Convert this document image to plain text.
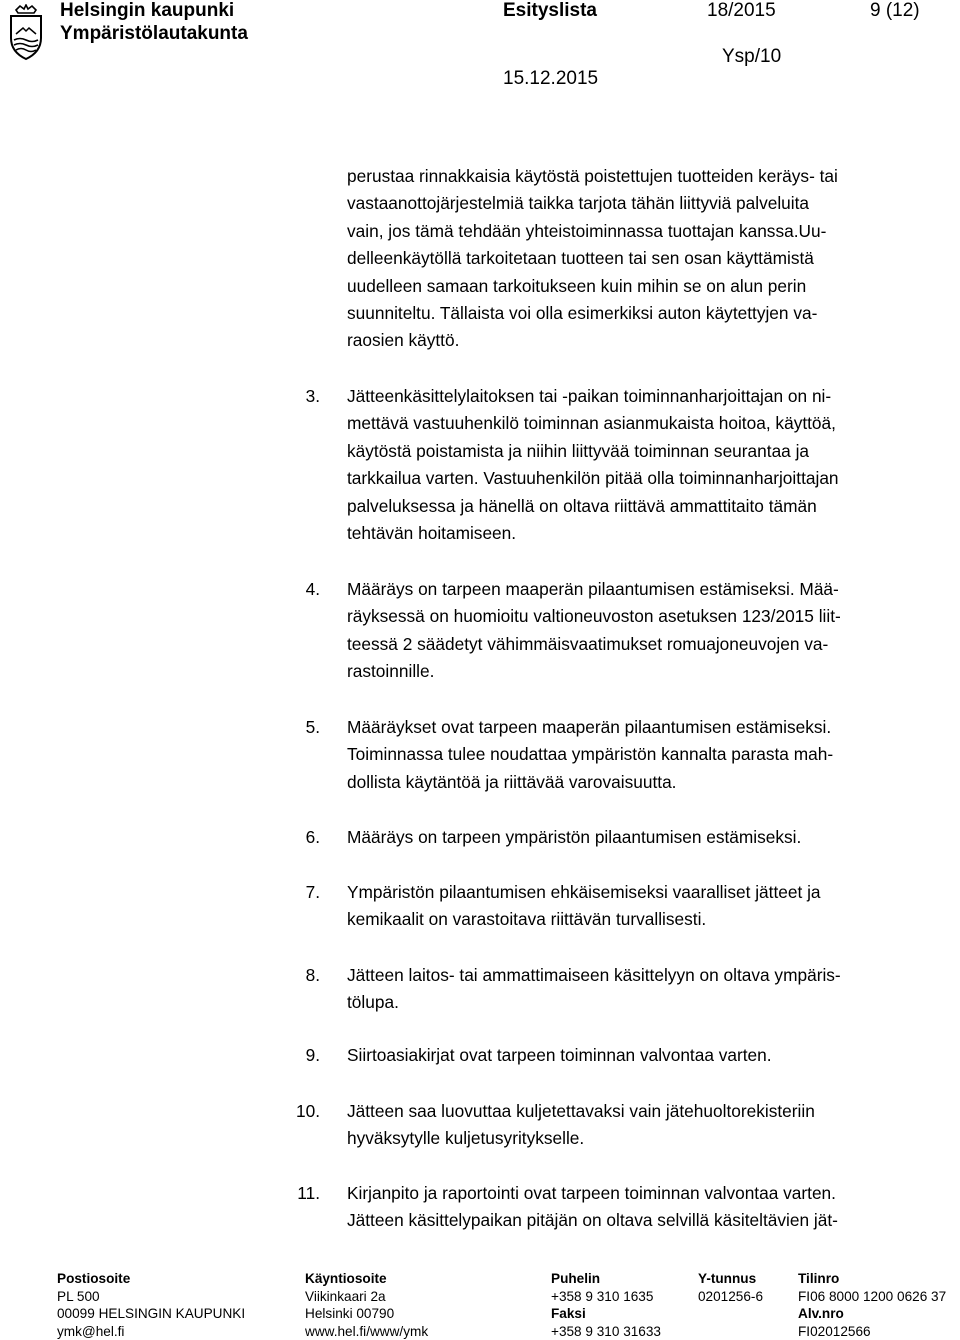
Helsingin kaupunki
Ympäristölautakunta
Esityslista	18/2015	9 (12)
Ysp/10
15.12.2015

perustaa rinnakkaisia käytöstä poistettujen tuotteiden keräys- tai

vastaanottojärjestelmiä taikka tarjota tähän liittyviä palveluita

vain, jos tämä tehdään yhteistoiminnassa tuottajan kanssa.Uu-

delleenkäytöllä tarkoitetaan tuotteen tai sen osan käyttämistä

uudelleen samaan tarkoitukseen kuin mihin se on alun perin

suunniteltu. Tällaista voi olla esimerkiksi auton käytettyjen va-

raosien käyttö.

3. Jätteenkäsittelylaitoksen tai -paikan toiminnanharjoittajan on ni-
mettävä vastuuhenkilö toiminnan asianmukaista hoitoa, käyttöä,
käytöstä poistamista ja niihin liittyvää toiminnan seurantaa ja
tarkkailua varten. Vastuuhenkilön pitää olla toiminnanharjoittajan
palveluksessa ja hänellä on oltava riittävä ammattitaito tämän
tehtävän hoitamiseen.
4. Määräys on tarpeen maaperän pilaantumisen estämiseksi. Mää-
räyksessä on huomioitu valtioneuvoston asetuksen 123/2015 liit-
teessä 2 säädetyt vähimmäisvaatimukset romuajoneuvojen va-
rastoinnille.
5. Määräykset ovat tarpeen maaperän pilaantumisen estämiseksi.
Toiminnassa tulee noudattaa ympäristön kannalta parasta mah-
dollista käytäntöä ja riittävää varovaisuutta.
6. Määräys on tarpeen ympäristön pilaantumisen estämiseksi.
7. Ympäristön pilaantumisen ehkäisemiseksi vaaralliset jätteet ja
kemikaalit on varastoitava riittävän turvallisesti.
8. Jätteen laitos- tai ammattimaiseen käsittelyyn on oltava ympäris-
tölupa.
9. Siirtoasiakirjat ovat tarpeen toiminnan valvontaa varten.
10. Jätteen saa luovuttaa kuljetettavaksi vain jätehuoltorekisteriin
hyväksytylle kuljetusyritykselle.
11. Kirjanpito ja raportointi ovat tarpeen toiminnan valvontaa varten.
Jätteen käsittelypaikan pitäjän on oltava selvillä käsiteltävien jät-
Postiosoite
PL 500
00099 HELSINGIN KAUPUNKI
ymk@hel.fi
Käyntiosoite
Viikinkaari 2a
Helsinki 00790
www.hel.fi/www/ymk
Puhelin
+358 9 310 1635
Faksi
+358 9 310 31633
Y-tunnus
0201256-6
Tilinro
FI06 8000 1200 0626 37
Alv.nro
FI02012566
